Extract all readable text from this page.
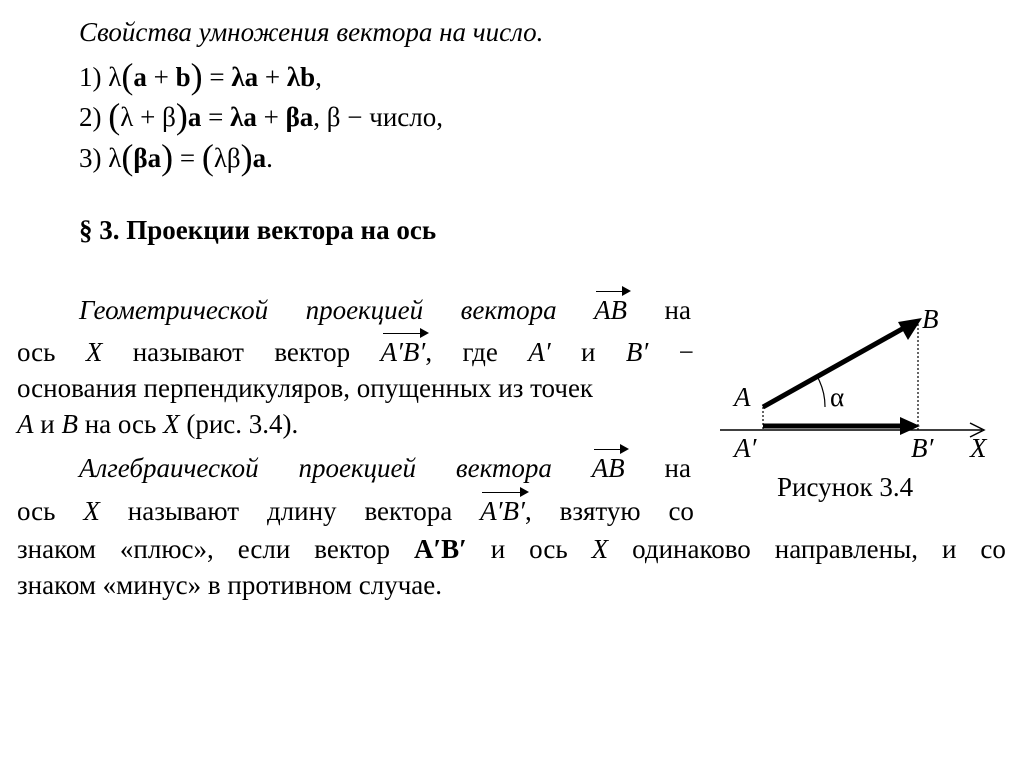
Свойства умножения вектора на число.
1) λ(a + b) = λa + λb,
2) (λ + β)a = λa + βa, β − число,
3) λ(βa) = (λβ)a.
§ 3. Проекции вектора на ось
Геометрической проекцией вектора AB на
ось X называют вектор A′B′, где A′ и B′ −
основания перпендикуляров, опущенных из точек
A и B на ось X (рис. 3.4).
Алгебраической проекцией вектора AB на
ось X называют длину вектора A′B′, взятую со
знаком «плюс», если вектор A′B′ и ось X одинаково направлены, и со
знаком «минус» в противном случае.
B
A	α
A′	B′ X
Рисунок 3.4
